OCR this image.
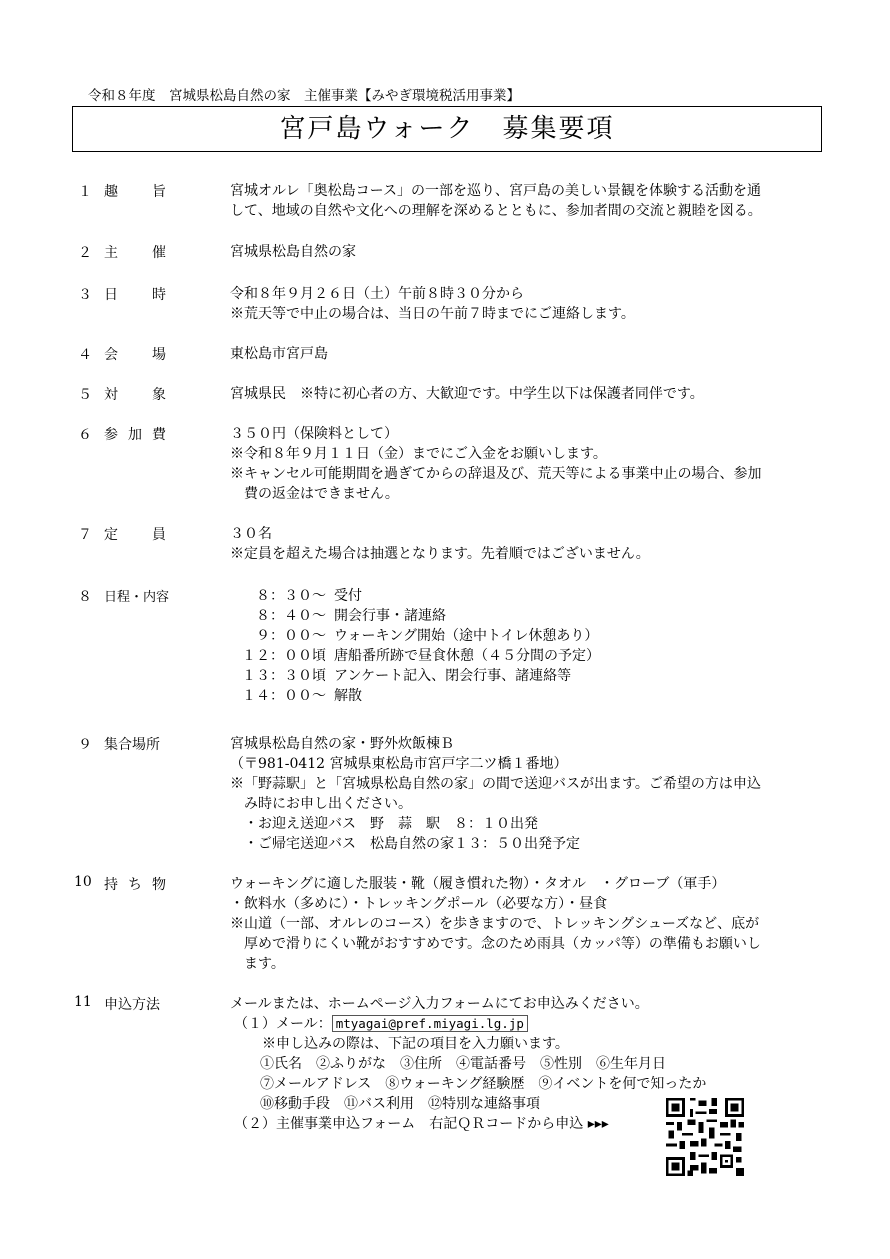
令和８年度　宮城県松島自然の家　主催事業【みやぎ環境税活用事業】
宮戸島ウォーク　募集要項
１ 趣 旨	宮城オルレ「奥松島コース」の一部を巡り、宮戸島の美しい景観を体験する活動を通
して、地域の自然や文化への理解を深めるとともに、参加者間の交流と親睦を図る。
２ 主 催	宮城県松島自然の家
３ 日 時	令和８年９月２６日（土）午前８時３０分から
※荒天等で中止の場合は、当日の午前７時までにご連絡します。
４ 会 場	東松島市宮戸島
５ 対 象	宮城県民　※特に初心者の方、大歓迎です。中学生以下は保護者同伴です。
６ 参 加 費	３５０円（保険料として）
※令和８年９月１１日（金）までにご入金をお願いします。
※キャンセル可能期間を過ぎてからの辞退及び、荒天等による事業中止の場合、参加
　費の返金はできません。
７ 定 員	３０名
※定員を超えた場合は抽選となります。先着順ではございません。
８ 日程・内容	８：３０～ 受付
８：４０～ 開会行事・諸連絡
９：００～ ウォーキング開始（途中トイレ休憩あり）
１２：００頃 唐船番所跡で昼食休憩（４５分間の予定）
１３：３０頃 アンケート記入、閉会行事、諸連絡等
１４：００～ 解散
９ 集合場所	宮城県松島自然の家・野外炊飯棟Ｂ
（〒981-0412 宮城県東松島市宮戸字二ツ橋１番地）
※「野蒜駅」と「宮城県松島自然の家」の間で送迎バスが出ます。ご希望の方は申込
　み時にお申し出ください。
　・お迎え送迎バス　野　蒜　駅　８：１０出発
　・ご帰宅送迎バス　松島自然の家１３：５０出発予定
10 持 ち 物	ウォーキングに適した服装・靴（履き慣れた物）・タオル　・グローブ（軍手）
・飲料水（多めに）・トレッキングポール（必要な方）・昼食
※山道（一部、オルレのコース）を歩きますので、トレッキングシューズなど、底が
　厚めで滑りにくい靴がおすすめです。念のため雨具（カッパ等）の準備もお願いし
　ます。
11 申込方法	メールまたは、ホームページ入力フォームにてお申込みください。
（１）メール： mtyagai@pref.miyagi.lg.jp
※申し込みの際は、下記の項目を入力願います。
①氏名　②ふりがな　③住所　④電話番号　⑤性別　⑥生年月日
⑦メールアドレス　⑧ウォーキング経験歴　⑨イベントを何で知ったか
⑩移動手段　⑪バス利用　⑫特別な連絡事項
（２）主催事業申込フォーム　右記ＱＲコードから申込 ▸▸▸
